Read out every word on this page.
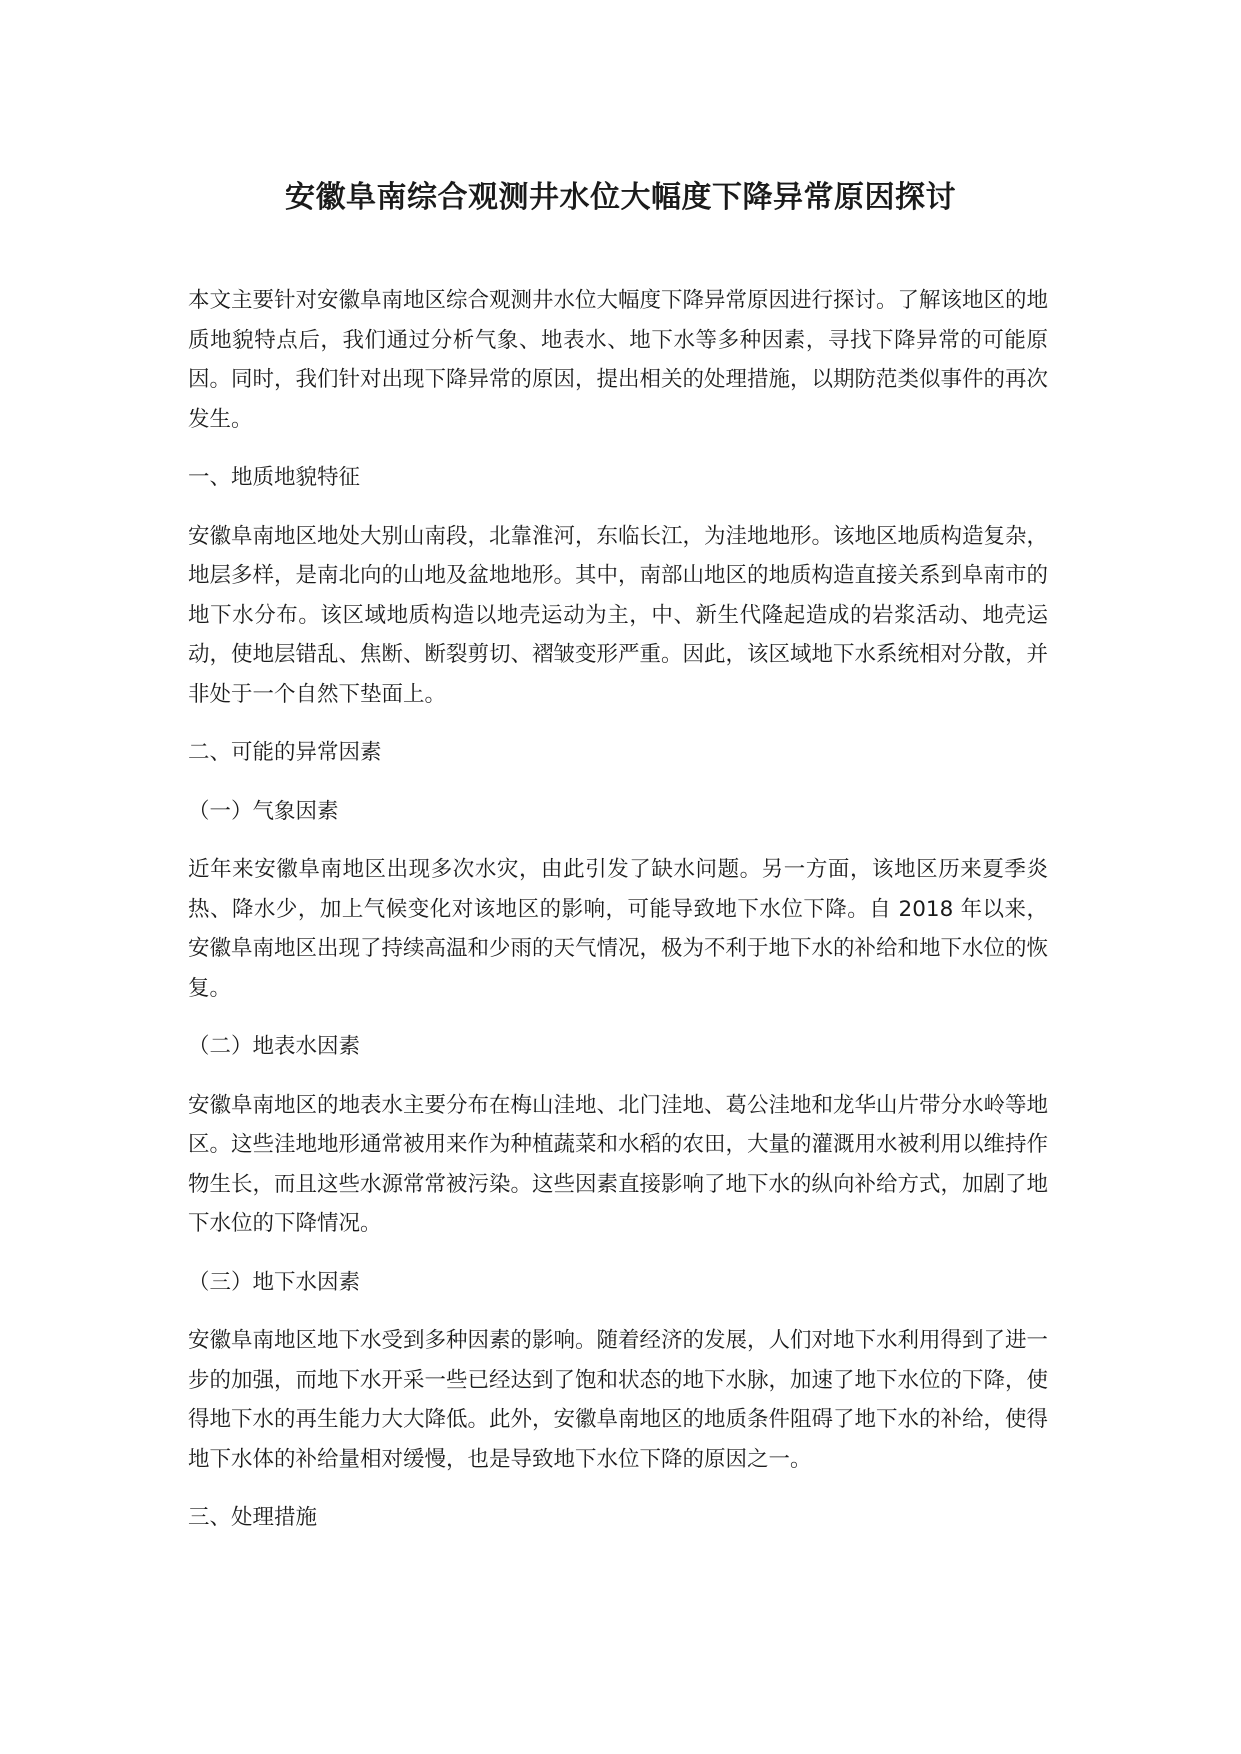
安徽阜南综合观测井水位大幅度下降异常原因探讨

本文主要针对安徽阜南地区综合观测井水位大幅度下降异常原因进行探讨。了解该地区的地质地貌特点后，我们通过分析气象、地表水、地下水等多种因素，寻找下降异常的可能原因。同时，我们针对出现下降异常的原因，提出相关的处理措施，以期防范类似事件的再次发生。

一、地质地貌特征

安徽阜南地区地处大别山南段，北靠淮河，东临长江，为洼地地形。该地区地质构造复杂，地层多样，是南北向的山地及盆地地形。其中，南部山地区的地质构造直接关系到阜南市的地下水分布。该区域地质构造以地壳运动为主，中、新生代隆起造成的岩浆活动、地壳运动，使地层错乱、焦断、断裂剪切、褶皱变形严重。因此，该区域地下水系统相对分散，并非处于一个自然下垫面上。

二、可能的异常因素

（一）气象因素

近年来安徽阜南地区出现多次水灾，由此引发了缺水问题。另一方面，该地区历来夏季炎热、降水少，加上气候变化对该地区的影响，可能导致地下水位下降。自 2018 年以来，安徽阜南地区出现了持续高温和少雨的天气情况，极为不利于地下水的补给和地下水位的恢复。

（二）地表水因素

安徽阜南地区的地表水主要分布在梅山洼地、北门洼地、葛公洼地和龙华山片带分水岭等地区。这些洼地地形通常被用来作为种植蔬菜和水稻的农田，大量的灌溉用水被利用以维持作物生长，而且这些水源常常被污染。这些因素直接影响了地下水的纵向补给方式，加剧了地下水位的下降情况。

（三）地下水因素

安徽阜南地区地下水受到多种因素的影响。随着经济的发展，人们对地下水利用得到了进一步的加强，而地下水开采一些已经达到了饱和状态的地下水脉，加速了地下水位的下降，使得地下水的再生能力大大降低。此外，安徽阜南地区的地质条件阻碍了地下水的补给，使得地下水体的补给量相对缓慢，也是导致地下水位下降的原因之一。

三、处理措施
